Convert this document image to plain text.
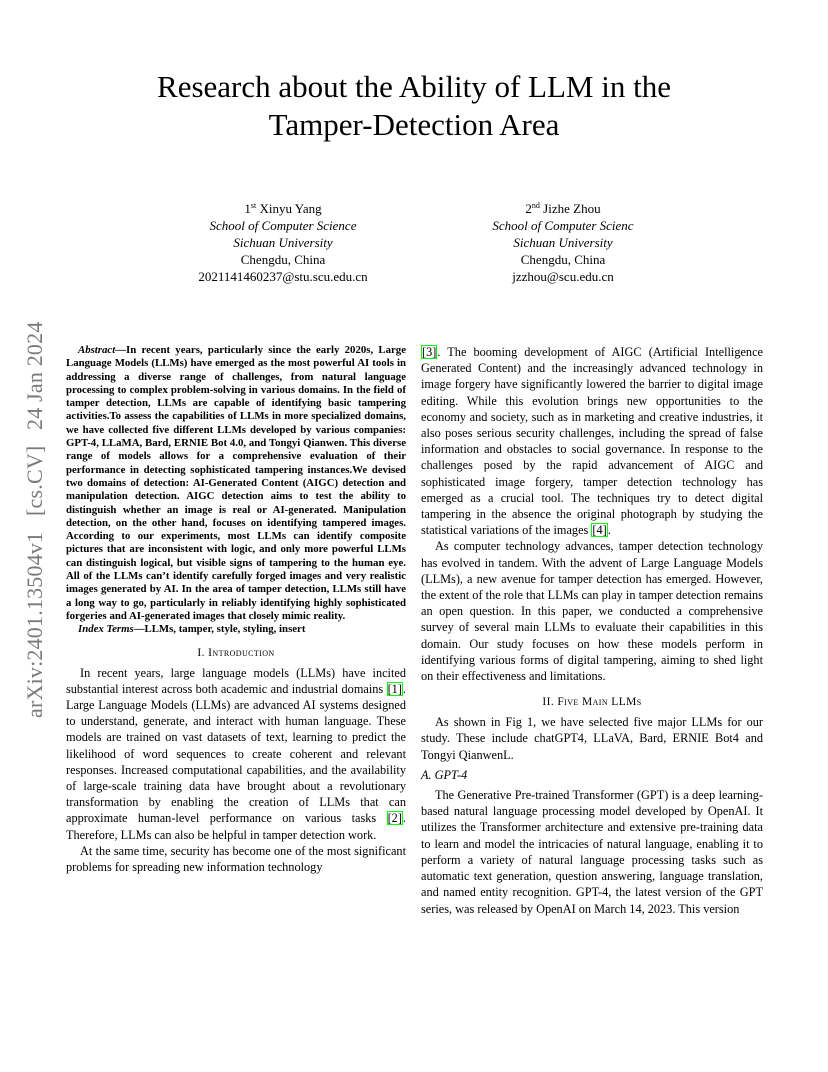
arXiv:2401.13504v1 [cs.CV] 24 Jan 2024
Research about the Ability of LLM in the Tamper-Detection Area
1st Xinyu Yang
School of Computer Science
Sichuan University
Chengdu, China
2021141460237@stu.scu.edu.cn
2nd Jizhe Zhou
School of Computer Scienc
Sichuan University
Chengdu, China
jzzhou@scu.edu.cn

Abstract—In recent years, particularly since the early 2020s, Large Language Models (LLMs) have emerged as the most powerful AI tools in addressing a diverse range of challenges, from natural language processing to complex problem-solving in various domains. In the field of tamper detection, LLMs are capable of identifying basic tampering activities.To assess the capabilities of LLMs in more specialized domains, we have collected five different LLMs developed by various companies: GPT-4, LLaMA, Bard, ERNIE Bot 4.0, and Tongyi Qianwen. This diverse range of models allows for a comprehensive evaluation of their performance in detecting sophisticated tampering instances.We devised two domains of detection: AI-Generated Content (AIGC) detection and manipulation detection. AIGC detection aims to test the ability to distinguish whether an image is real or AI-generated. Manipulation detection, on the other hand, focuses on identifying tampered images. According to our experiments, most LLMs can identify composite pictures that are inconsistent with logic, and only more powerful LLMs can distinguish logical, but visible signs of tampering to the human eye. All of the LLMs can’t identify carefully forged images and very realistic images generated by AI. In the area of tamper detection, LLMs still have a long way to go, particularly in reliably identifying highly sophisticated forgeries and AI-generated images that closely mimic reality.

Index Terms—LLMs, tamper, style, styling, insert

I. Introduction

In recent years, large language models (LLMs) have incited substantial interest across both academic and industrial domains [1]. Large Language Models (LLMs) are advanced AI systems designed to understand, generate, and interact with human language. These models are trained on vast datasets of text, learning to predict the likelihood of word sequences to create coherent and relevant responses. Increased computational capabilities, and the availability of large-scale training data have brought about a revolutionary transformation by enabling the creation of LLMs that can approximate human-level performance on various tasks [2]. Therefore, LLMs can also be helpful in tamper detection work.

At the same time, security has become one of the most significant problems for spreading new information technology

[3]. The booming development of AIGC (Artificial Intelligence Generated Content) and the increasingly advanced technology in image forgery have significantly lowered the barrier to digital image editing. While this evolution brings new opportunities to the economy and society, such as in marketing and creative industries, it also poses serious security challenges, including the spread of false information and obstacles to social governance. In response to the challenges posed by the rapid advancement of AIGC and sophisticated image forgery, tamper detection technology has emerged as a crucial tool. The techniques try to detect digital tampering in the absence the original photograph by studying the statistical variations of the images [4].

As computer technology advances, tamper detection technology has evolved in tandem. With the advent of Large Language Models (LLMs), a new avenue for tamper detection has emerged. However, the extent of the role that LLMs can play in tamper detection remains an open question. In this paper, we conducted a comprehensive survey of several main LLMs to evaluate their capabilities in this domain. Our study focuses on how these models perform in identifying various forms of digital tampering, aiming to shed light on their effectiveness and limitations.

II. Five Main LLMs

As shown in Fig 1, we have selected five major LLMs for our study. These include chatGPT4, LLaVA, Bard, ERNIE Bot4 and Tongyi QianwenL.

A. GPT-4

The Generative Pre-trained Transformer (GPT) is a deep learning-based natural language processing model developed by OpenAI. It utilizes the Transformer architecture and extensive pre-training data to learn and model the intricacies of natural language, enabling it to perform a variety of natural language processing tasks such as automatic text generation, question answering, language translation, and named entity recognition. GPT-4, the latest version of the GPT series, was released by OpenAI on March 14, 2023. This version
